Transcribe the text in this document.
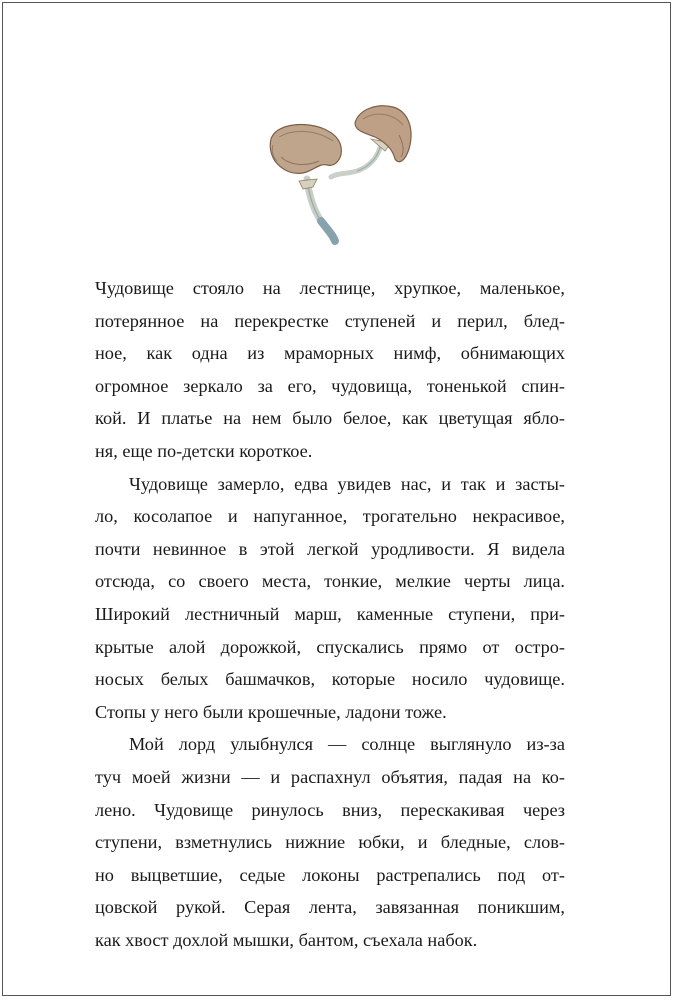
Чудовище стояло на лестнице, хрупкое, маленькое,
потерянное на перекрестке ступеней и перил, блед-
ное, как одна из мраморных нимф, обнимающих
огромное зеркало за его, чудовища, тоненькой спин-
кой. И платье на нем было белое, как цветущая ябло-
ня, еще по-детски короткое.
Чудовище замерло, едва увидев нас, и так и засты-
ло, косолапое и напуганное, трогательно некрасивое,
почти невинное в этой легкой уродливости. Я видела
отсюда, со своего места, тонкие, мелкие черты лица.
Широкий лестничный марш, каменные ступени, при-
крытые алой дорожкой, спускались прямо от остро-
носых белых башмачков, которые носило чудовище.
Стопы у него были крошечные, ладони тоже.
Мой лорд улыбнулся — солнце выглянуло из-за
туч моей жизни — и распахнул объятия, падая на ко-
лено. Чудовище ринулось вниз, перескакивая через
ступени, взметнулись нижние юбки, и бледные, слов-
но выцветшие, седые локоны растрепались под от-
цовской рукой. Серая лента, завязанная поникшим,
как хвост дохлой мышки, бантом, съехала набок.
